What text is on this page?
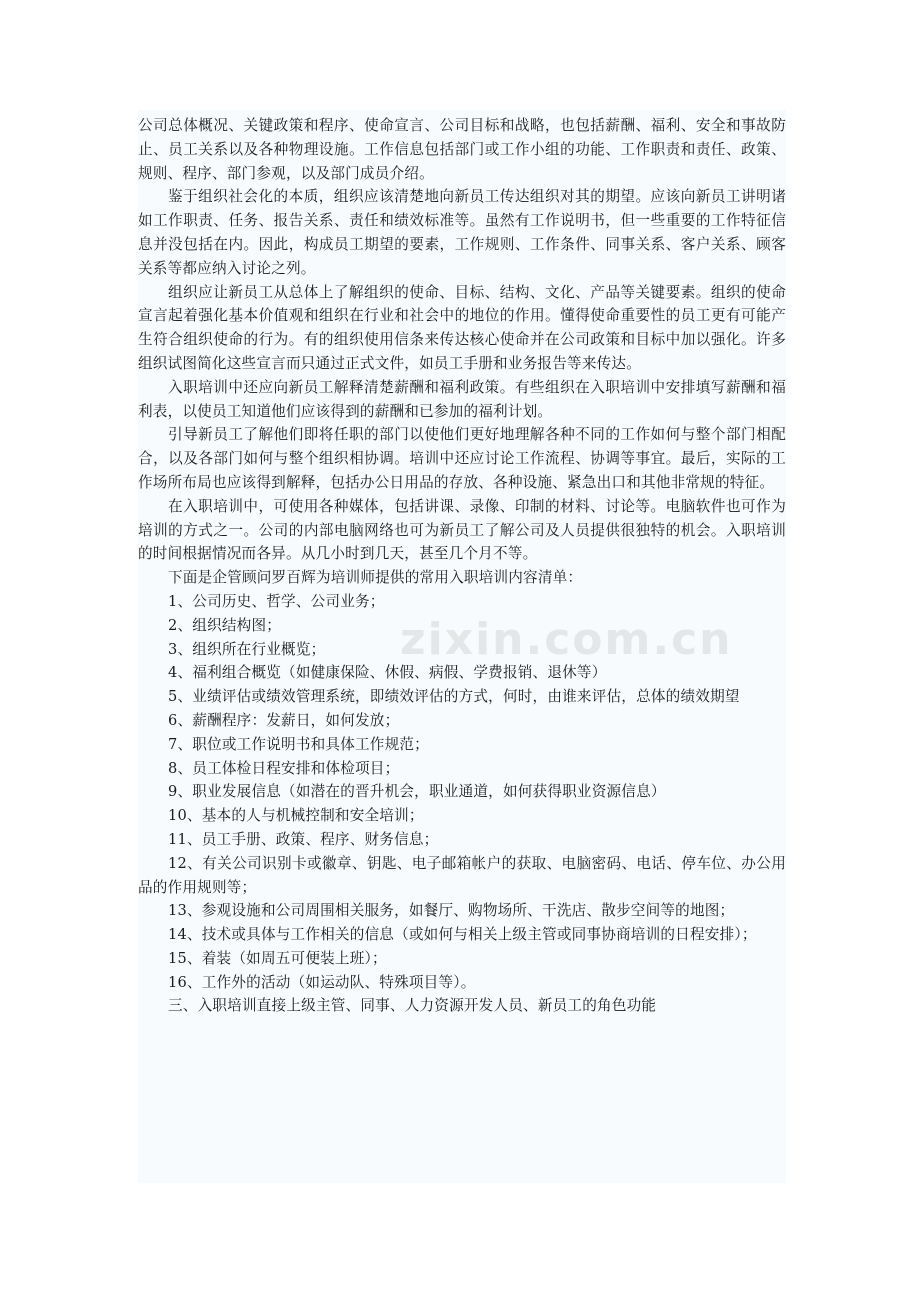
公司总体概况、关键政策和程序、使命宣言、公司目标和战略，也包括薪酬、福利、安全和事故防止、员工关系以及各种物理设施。工作信息包括部门或工作小组的功能、工作职责和责任、政策、规则、程序、部门参观，以及部门成员介绍。

鉴于组织社会化的本质，组织应该清楚地向新员工传达组织对其的期望。应该向新员工讲明诸如工作职责、任务、报告关系、责任和绩效标准等。虽然有工作说明书，但一些重要的工作特征信息并没包括在内。因此，构成员工期望的要素，工作规则、工作条件、同事关系、客户关系、顾客关系等都应纳入讨论之列。

组织应让新员工从总体上了解组织的使命、目标、结构、文化、产品等关键要素。组织的使命宣言起着强化基本价值观和组织在行业和社会中的地位的作用。懂得使命重要性的员工更有可能产生符合组织使命的行为。有的组织使用信条来传达核心使命并在公司政策和目标中加以强化。许多组织试图简化这些宣言而只通过正式文件，如员工手册和业务报告等来传达。

入职培训中还应向新员工解释清楚薪酬和福利政策。有些组织在入职培训中安排填写薪酬和福利表，以使员工知道他们应该得到的薪酬和已参加的福利计划。

引导新员工了解他们即将任职的部门以使他们更好地理解各种不同的工作如何与整个部门相配合，以及各部门如何与整个组织相协调。培训中还应讨论工作流程、协调等事宜。最后，实际的工作场所布局也应该得到解释，包括办公日用品的存放、各种设施、紧急出口和其他非常规的特征。

在入职培训中，可使用各种媒体，包括讲课、录像、印制的材料、讨论等。电脑软件也可作为培训的方式之一。公司的内部电脑网络也可为新员工了解公司及人员提供很独特的机会。入职培训的时间根据情况而各异。从几小时到几天，甚至几个月不等。

下面是企管顾问罗百辉为培训师提供的常用入职培训内容清单：

1、公司历史、哲学、公司业务；

2、组织结构图；

3、组织所在行业概览；

4、福利组合概览（如健康保险、休假、病假、学费报销、退休等）

5、业绩评估或绩效管理系统，即绩效评估的方式，何时，由谁来评估，总体的绩效期望

6、薪酬程序：发薪日，如何发放；

7、职位或工作说明书和具体工作规范；

8、员工体检日程安排和体检项目；

9、职业发展信息（如潜在的晋升机会，职业通道，如何获得职业资源信息）

10、基本的人与机械控制和安全培训；

11、员工手册、政策、程序、财务信息；

12、有关公司识别卡或徽章、钥匙、电子邮箱帐户的获取、电脑密码、电话、停车位、办公用品的作用规则等；

13、参观设施和公司周围相关服务，如餐厅、购物场所、干洗店、散步空间等的地图；

14、技术或具体与工作相关的信息（或如何与相关上级主管或同事协商培训的日程安排）；

15、着装（如周五可便装上班）；

16、工作外的活动（如运动队、特殊项目等）。

三、入职培训直接上级主管、同事、人力资源开发人员、新员工的角色功能

zixin.com.cn
